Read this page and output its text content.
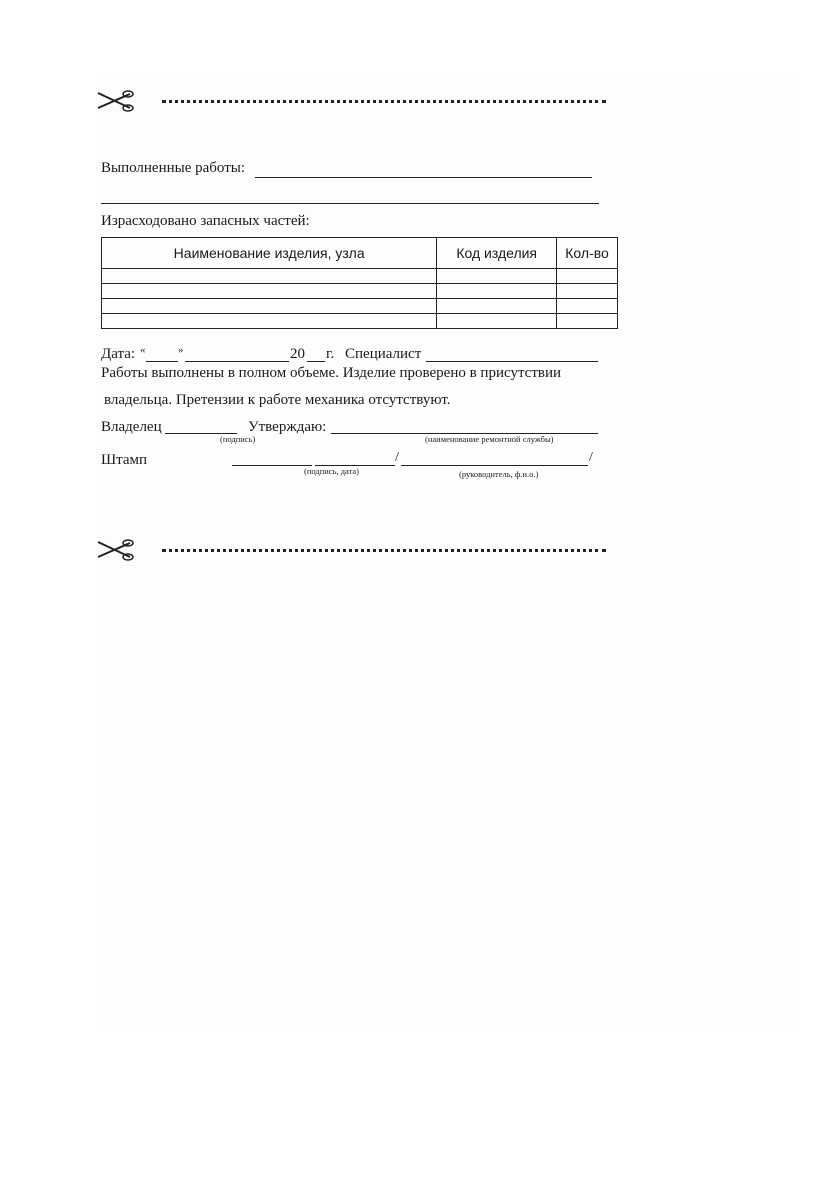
Выполненные работы:
Израсходовано запасных частей:
Наименование изделия, узла	Код изделия	Кол-во

Дата: «	»	20 г. Специалист
Работы выполнены в полном объеме. Изделие проверено в присутствии
владельца. Претензии к работе механика отсутствуют.
Владелец
(подпись)
Утверждаю:
(наименование ремонтной службы)
Штамп	/
(подпись, дата)
/
(руководитель, ф.и.о.)
